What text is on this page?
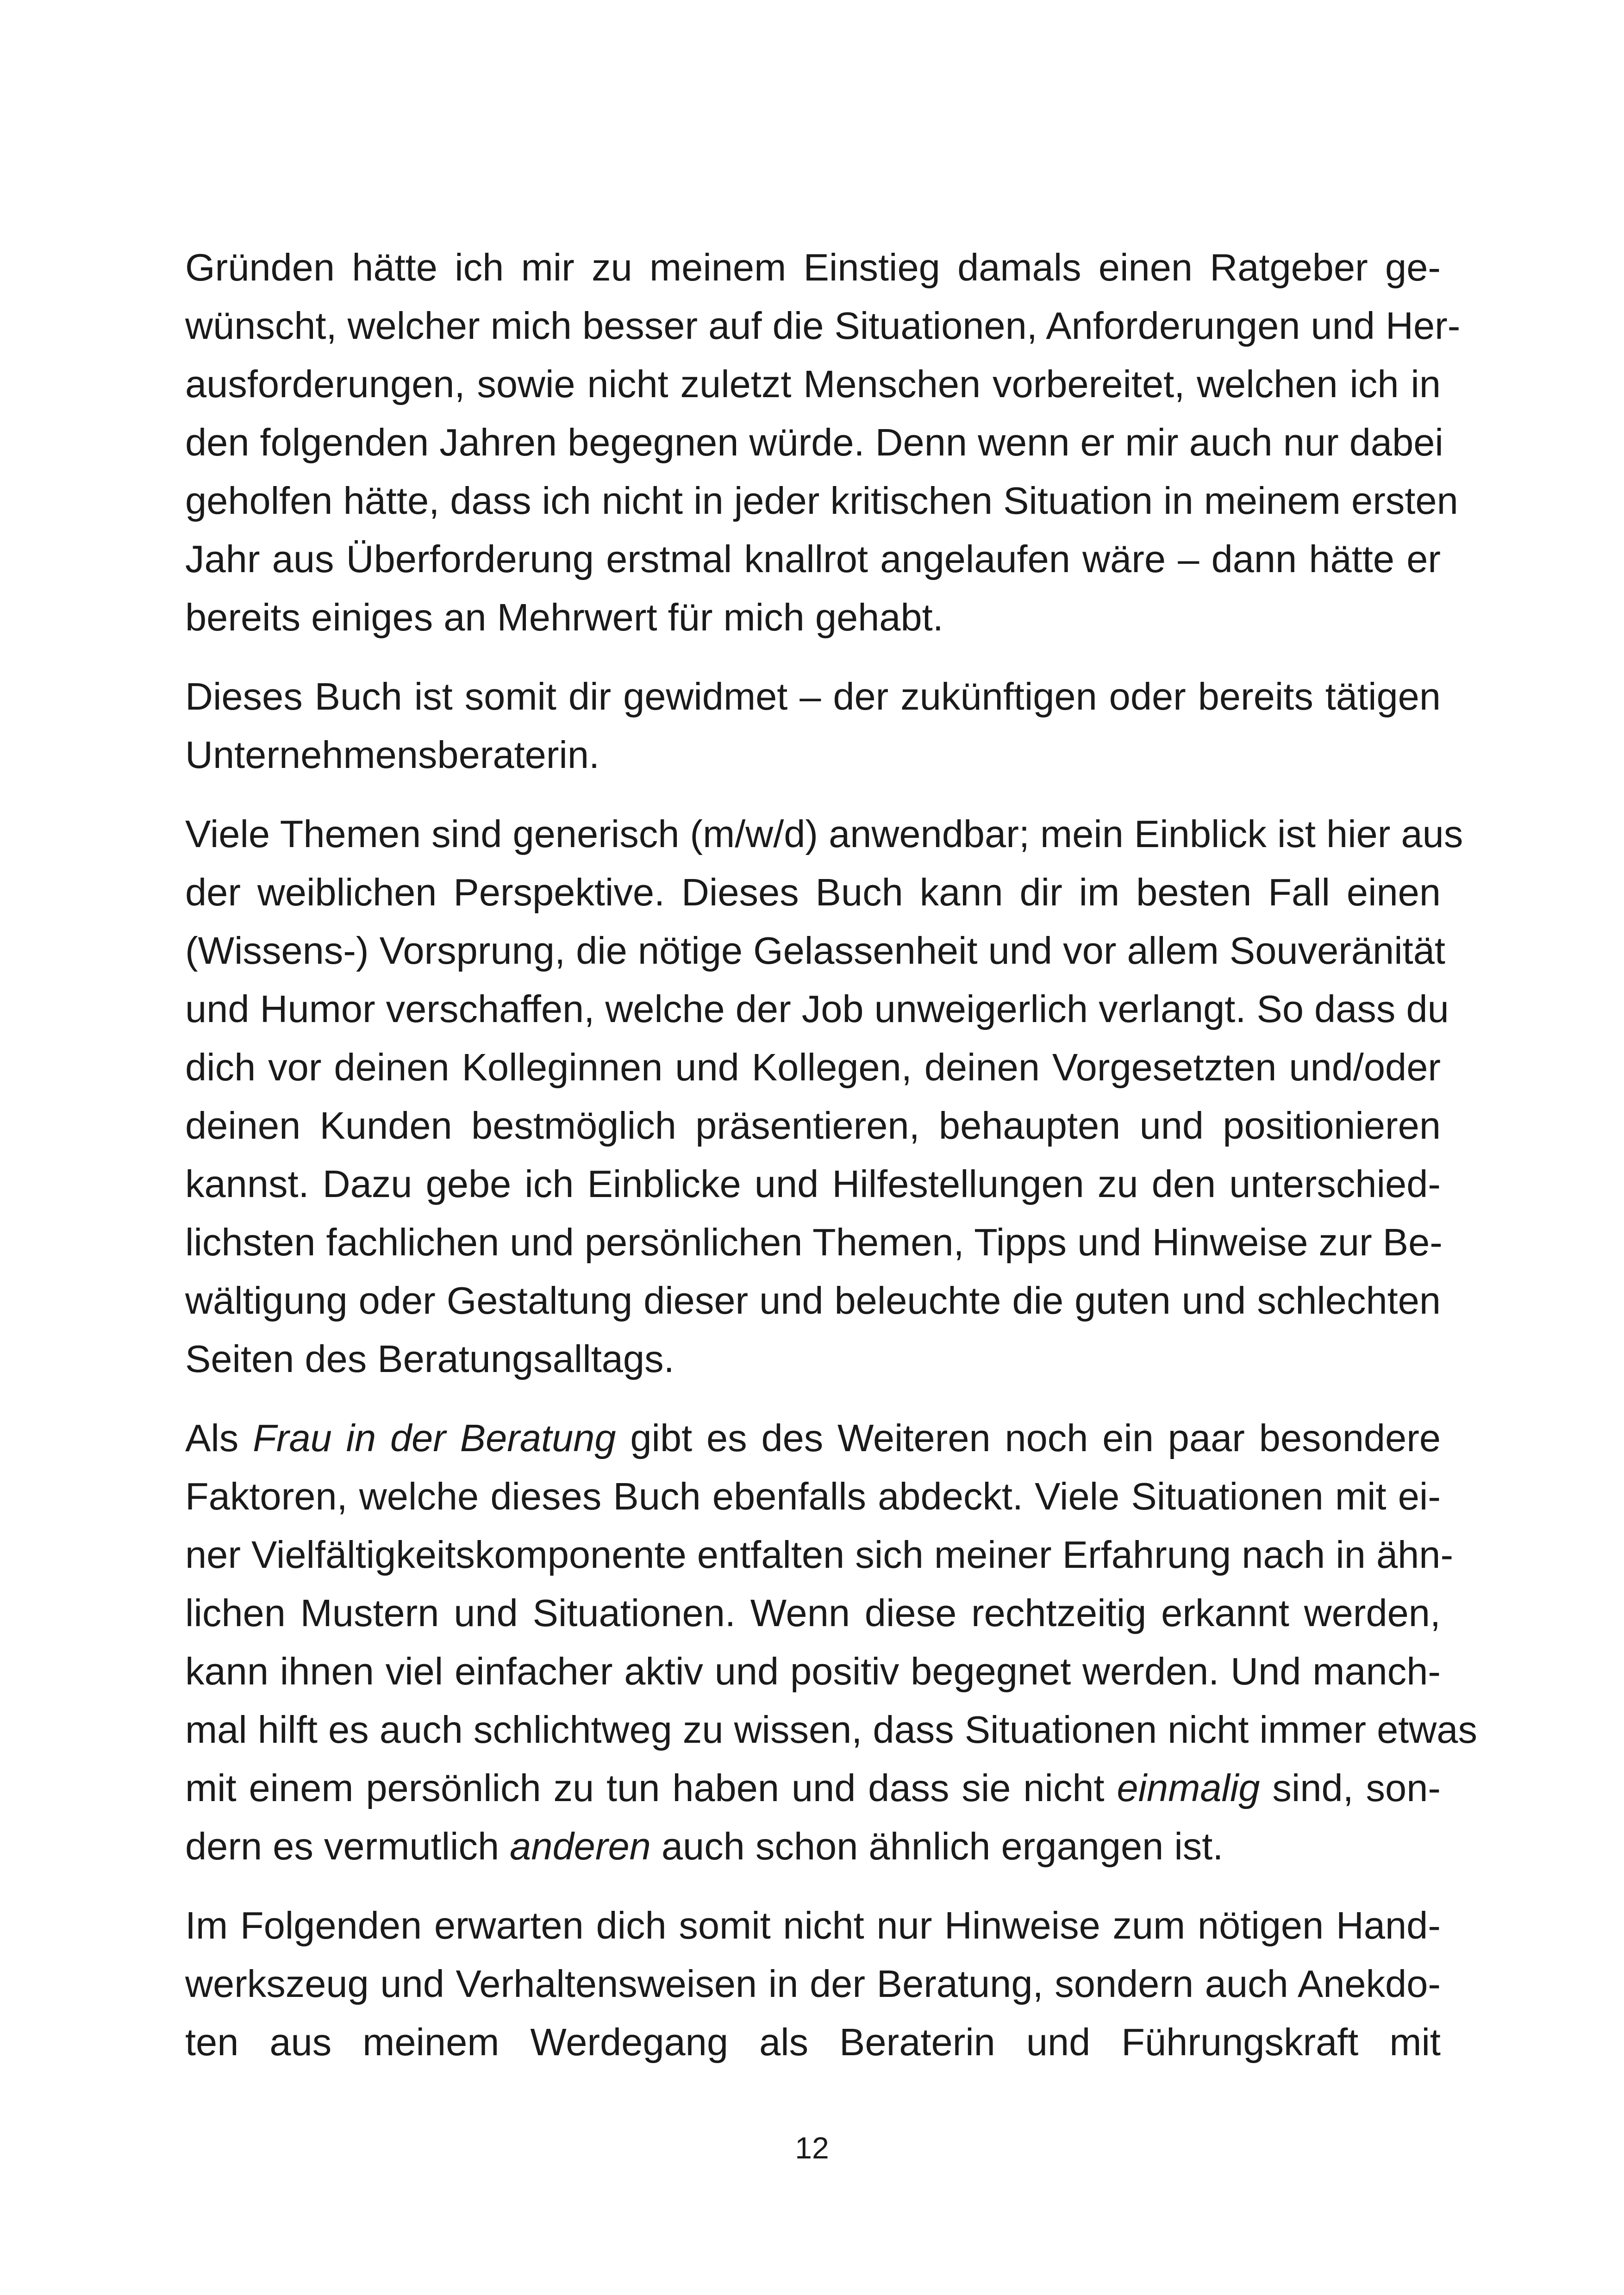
Gründen hätte ich mir zu meinem Einstieg damals einen Ratgeber ge-
wünscht, welcher mich besser auf die Situationen, Anforderungen und Her-
ausforderungen, sowie nicht zuletzt Menschen vorbereitet, welchen ich in
den folgenden Jahren begegnen würde. Denn wenn er mir auch nur dabei
geholfen hätte, dass ich nicht in jeder kritischen Situation in meinem ersten
Jahr aus Überforderung erstmal knallrot angelaufen wäre – dann hätte er
bereits einiges an Mehrwert für mich gehabt.
Dieses Buch ist somit dir gewidmet – der zukünftigen oder bereits tätigen
Unternehmensberaterin.
Viele Themen sind generisch (m/w/d) anwendbar; mein Einblick ist hier aus
der weiblichen Perspektive. Dieses Buch kann dir im besten Fall einen
(Wissens-) Vorsprung, die nötige Gelassenheit und vor allem Souveränität
und Humor verschaffen, welche der Job unweigerlich verlangt. So dass du
dich vor deinen Kolleginnen und Kollegen, deinen Vorgesetzten und/oder
deinen Kunden bestmöglich präsentieren, behaupten und positionieren
kannst. Dazu gebe ich Einblicke und Hilfestellungen zu den unterschied-
lichsten fachlichen und persönlichen Themen, Tipps und Hinweise zur Be-
wältigung oder Gestaltung dieser und beleuchte die guten und schlechten
Seiten des Beratungsalltags.
Als Frau in der Beratung gibt es des Weiteren noch ein paar besondere
Faktoren, welche dieses Buch ebenfalls abdeckt. Viele Situationen mit ei-
ner Vielfältigkeitskomponente entfalten sich meiner Erfahrung nach in ähn-
lichen Mustern und Situationen. Wenn diese rechtzeitig erkannt werden,
kann ihnen viel einfacher aktiv und positiv begegnet werden. Und manch-
mal hilft es auch schlichtweg zu wissen, dass Situationen nicht immer etwas
mit einem persönlich zu tun haben und dass sie nicht einmalig sind, son-
dern es vermutlich anderen auch schon ähnlich ergangen ist.
Im Folgenden erwarten dich somit nicht nur Hinweise zum nötigen Hand-
werkszeug und Verhaltensweisen in der Beratung, sondern auch Anekdo-
ten aus meinem Werdegang als Beraterin und Führungskraft mit
12
